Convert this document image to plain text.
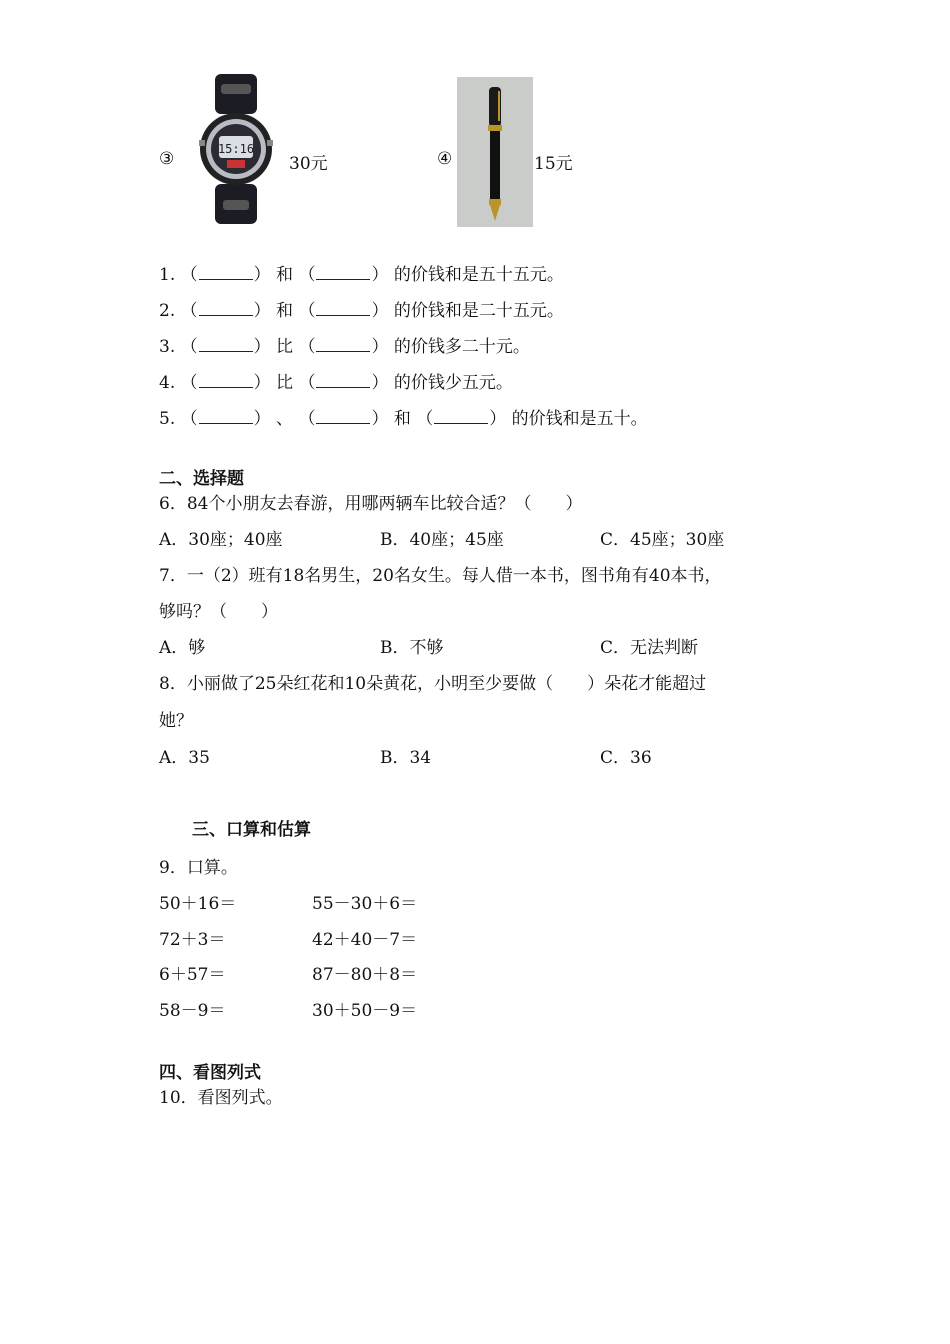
③	15:16
30元	④	15元
1. （	） 和 （	） 的价钱和是五十五元。
2. （	） 和 （	） 的价钱和是二十五元。
3. （	） 比 （	） 的价钱多二十元。
4. （	） 比 （	） 的价钱少五元。
5. （	） 、 （	） 和 （	） 的价钱和是五十。
二、选择题
6．84个小朋友去春游，用哪两辆车比较合适？（　　）
A．30座；40座	B．40座；45座	C．45座；30座
7．一（2）班有18名男生，20名女生。每人借一本书，图书角有40本书，
够吗？（　　）
A．够	B．不够	C．无法判断
8．小丽做了25朵红花和10朵黄花，小明至少要做（　　）朵花才能超过
她？
A．35	B．34	C．36
三、口算和估算
9．口算。
50＋16＝	55－30＋6＝
72＋3＝	42＋40－7＝
6＋57＝	87－80＋8＝
58－9＝	30＋50－9＝
四、看图列式
10．看图列式。
